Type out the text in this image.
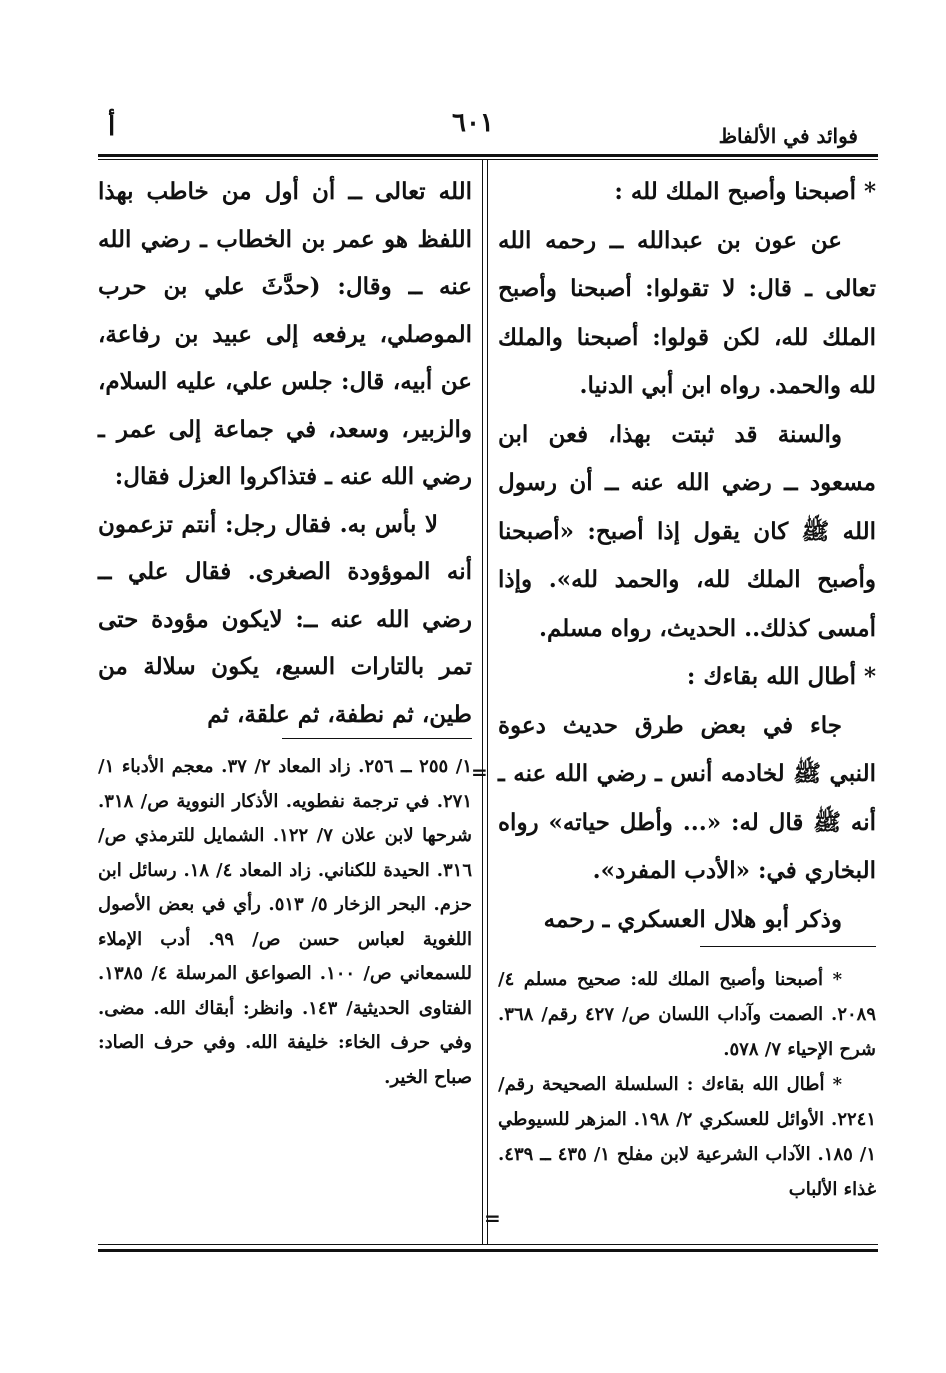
فوائد في الألفاظ
٦٠١
أ

* أصبحنا وأصبح الملك لله :

عن عون بن عبدالله ــ رحمه الله تعالى ـ قال: لا تقولوا: أصبحنا وأصبح الملك لله، لكن قولوا: أصبحنا والملك لله والحمد. رواه ابن أبي الدنيا.

والسنة قد ثبتت بهذا، فعن ابن مسعود ــ رضي الله عنه ــ أن رسول الله ﷺ كان يقول إذا أصبح: «أصبحنا وأصبح الملك لله، والحمد لله». وإذا أمسى كذلك.. الحديث، رواه مسلم.

* أطال الله بقاءك :

جاء في بعض طرق حديث دعوة النبي ﷺ لخادمه أنس ـ رضي الله عنه ـ أنه ﷺ قال له: «... وأطل حياته» رواه البخاري في: «الأدب المفرد».

وذكر أبو هلال العسكري ـ رحمه

الله تعالى ــ أن أول من خاطب بهذا اللفظ هو عمر بن الخطاب ـ رضي الله عنه ــ وقال: (حدَّثَ علي بن حرب الموصلي، يرفعه إلى عبيد بن رفاعة، عن أبيه، قال: جلس علي، عليه السلام، والزبير، وسعد، في جماعة إلى عمر ـ رضي الله عنه ـ فتذاكروا العزل فقال:

لا بأس به. فقال رجل: أنتم تزعمون أنه الموؤودة الصغرى. فقال علي ــ رضي الله عنه ــ: لايكون مؤودة حتى تمر بالتارات السبع، يكون سلالة من طين، ثم نطفة، ثم علقة، ثم

* أصبحنا وأصبح الملك لله: صحيح مسلم ٤/ ٢٠٨٩. الصمت وآداب اللسان ص/ ٤٢٧ رقم/ ٣٦٨. شرح الإحياء ٧/ ٥٧٨.

* أطال الله بقاءك : السلسلة الصحيحة رقم/ ٢٢٤١. الأوائل للعسكري ٢/ ١٩٨. المزهر للسيوطي ١/ ١٨٥. الآداب الشرعية لابن مفلح ١/ ٤٣٥ ــ ٤٣٩. غذاء الألباب

١/ ٢٥٥ ــ ٢٥٦. زاد المعاد ٢/ ٣٧. معجم الأدباء ١/ ٢٧١. في ترجمة نفطويه. الأذكار النووية ص/ ٣١٨. شرحها لابن علان ٧/ ١٢٢. الشمايل للترمذي ص/ ٣١٦. الحيدة للكناني. زاد المعاد ٤/ ١٨. رسائل ابن حزم. البحر الزخار ٥/ ٥١٣. رأي في بعض الأصول اللغوية لعباس حسن ص/ ٩٩. أدب الإملاء للسمعاني ص/ ١٠٠. الصواعق المرسلة ٤/ ١٣٨٥. الفتاوى الحديثية/ ١٤٣. وانظر: أبقاك الله. مضى. وفي حرف الخاء: خليفة الله. وفي حرف الصاد: صباح الخير.

=
=
